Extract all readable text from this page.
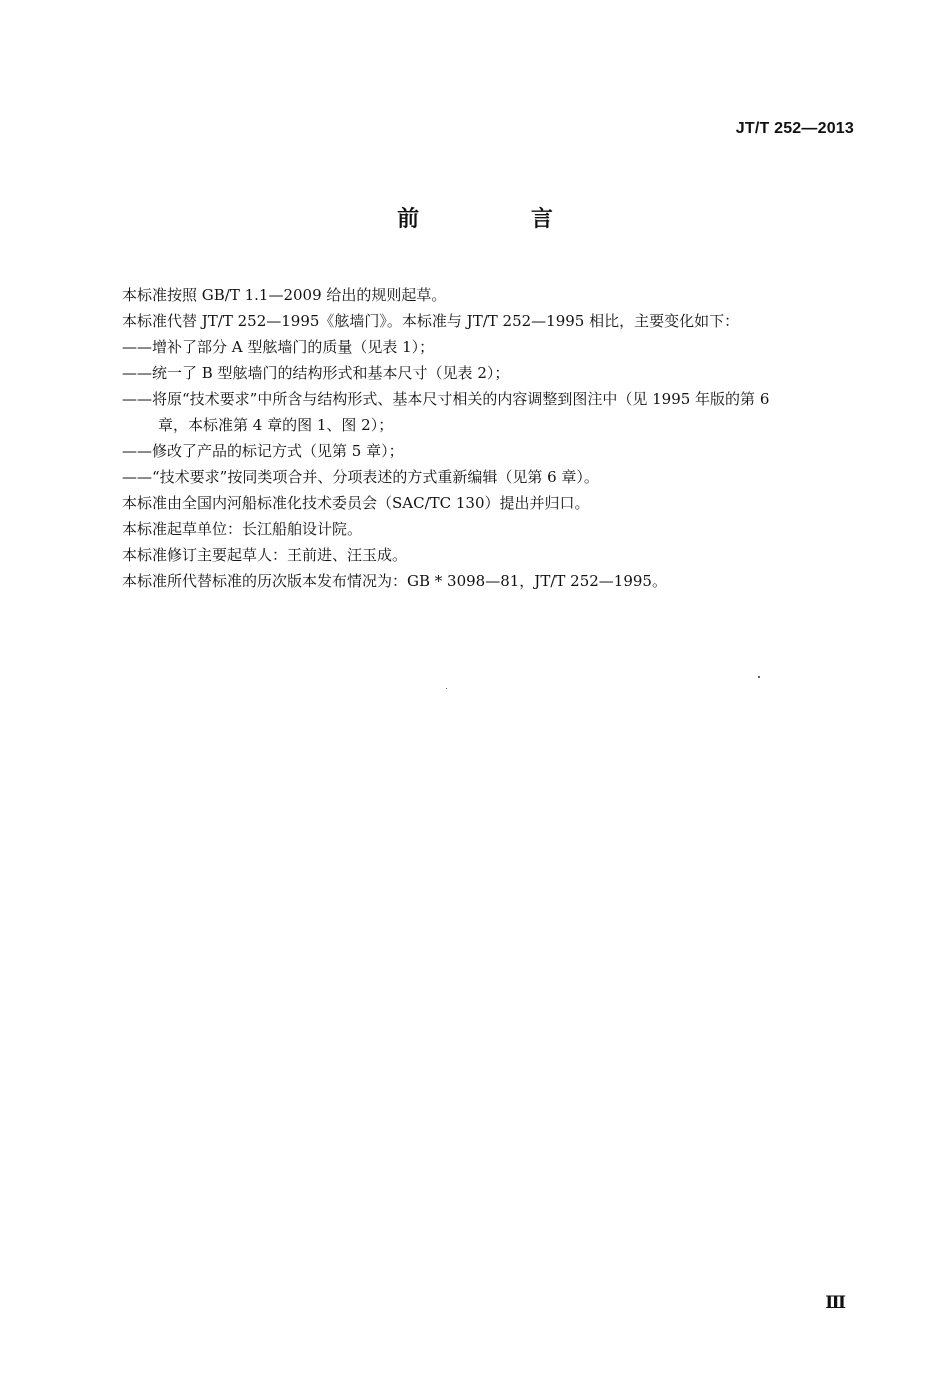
JT/T 252—2013
前 言

本标准按照 GB/T 1.1—2009 给出的规则起草。

本标准代替 JT/T 252—1995《舷墙门》。本标准与 JT/T 252—1995 相比，主要变化如下：

——增补了部分 A 型舷墙门的质量（见表 1）；

——统一了 B 型舷墙门的结构形式和基本尺寸（见表 2）；

——将原“技术要求”中所含与结构形式、基本尺寸相关的内容调整到图注中（见 1995 年版的第 6

章，本标准第 4 章的图 1、图 2）；

——修改了产品的标记方式（见第 5 章）；

——“技术要求”按同类项合并、分项表述的方式重新编辑（见第 6 章）。

本标准由全国内河船标准化技术委员会（SAC/TC 130）提出并归口。

本标准起草单位：长江船舶设计院。

本标准修订主要起草人：王前进、汪玉成。

本标准所代替标准的历次版本发布情况为：GB * 3098—81，JT/T 252—1995。

Ⅲ
